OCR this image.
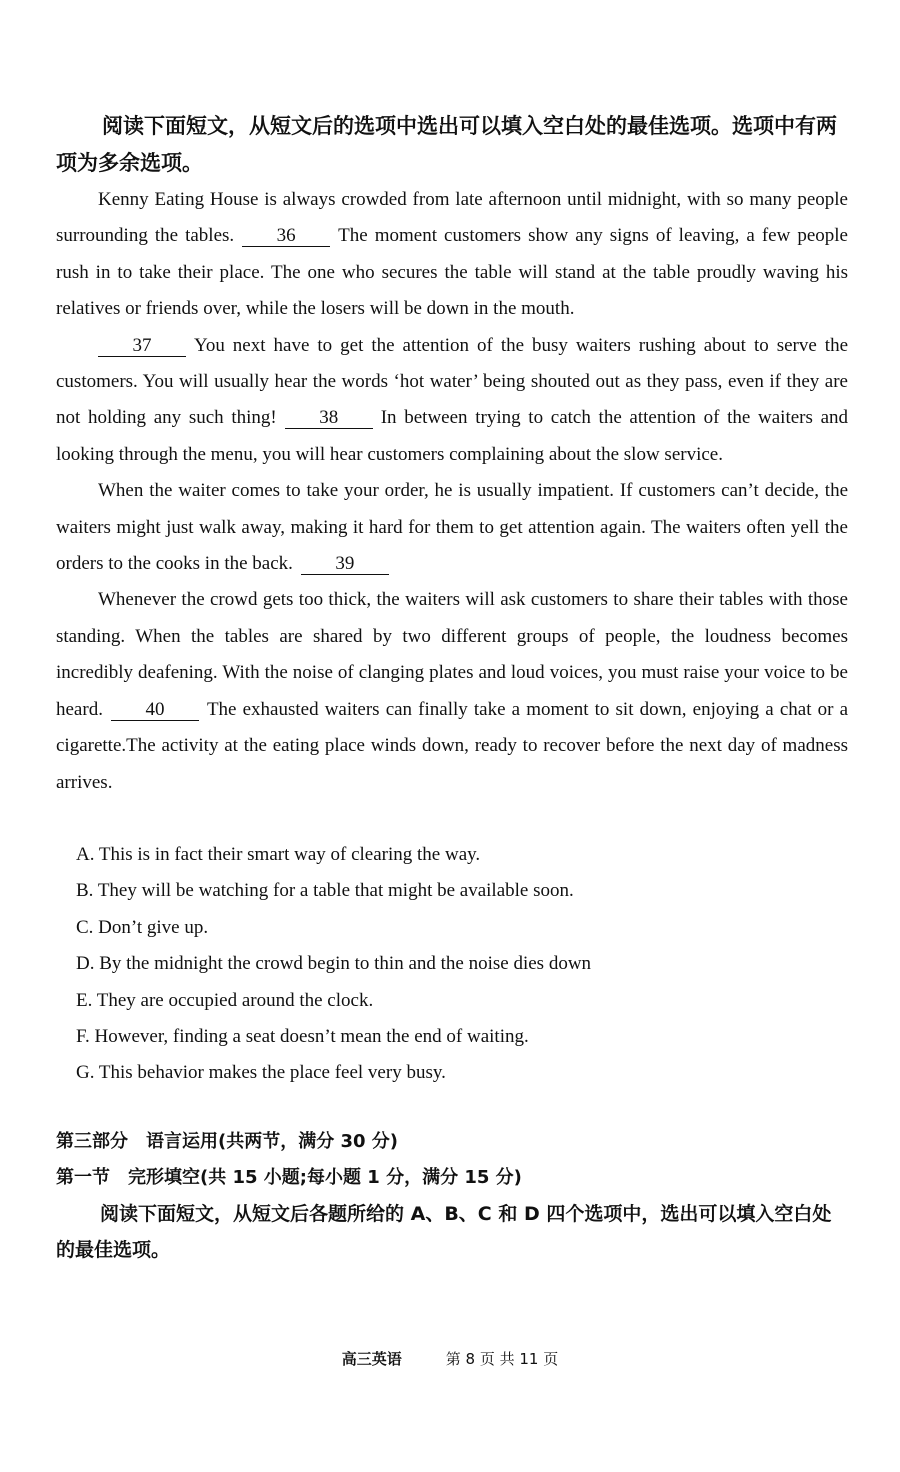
阅读下面短文，从短文后的选项中选出可以填入空白处的最佳选项。选项中有两项为多余选项。

Kenny Eating House is always crowded from late afternoon until midnight, with so many people surrounding the tables. 36 The moment customers show any signs of leaving, a few people rush in to take their place. The one who secures the table will stand at the table proudly waving his relatives or friends over, while the losers will be down in the mouth.

37 You next have to get the attention of the busy waiters rushing about to serve the customers. You will usually hear the words ‘hot water’ being shouted out as they pass, even if they are not holding any such thing! 38 In between trying to catch the attention of the waiters and looking through the menu, you will hear customers complaining about the slow service.

When the waiter comes to take your order, he is usually impatient. If customers can’t decide, the waiters might just walk away, making it hard for them to get attention again. The waiters often yell the orders to the cooks in the back. 39

Whenever the crowd gets too thick, the waiters will ask customers to share their tables with those standing. When the tables are shared by two different groups of people, the loudness becomes incredibly deafening. With the noise of clanging plates and loud voices, you must raise your voice to be heard. 40 The exhausted waiters can finally take a moment to sit down, enjoying a chat or a cigarette.The activity at the eating place winds down, ready to recover before the next day of madness arrives.

A. This is in fact their smart way of clearing the way.
B. They will be watching for a table that might be available soon.
C. Don’t give up.
D. By the midnight the crowd begin to thin and the noise dies down
E. They are occupied around the clock.
F. However, finding a seat doesn’t mean the end of waiting.
G. This behavior makes the place feel very busy.

第三部分 语言运用(共两节，满分 30 分)

第一节 完形填空(共 15 小题;每小题 1 分，满分 15 分)

阅读下面短文，从短文后各题所给的 A、B、C 和 D 四个选项中，选出可以填入空白处的最佳选项。

高三英语	第 8 页 共 11 页
